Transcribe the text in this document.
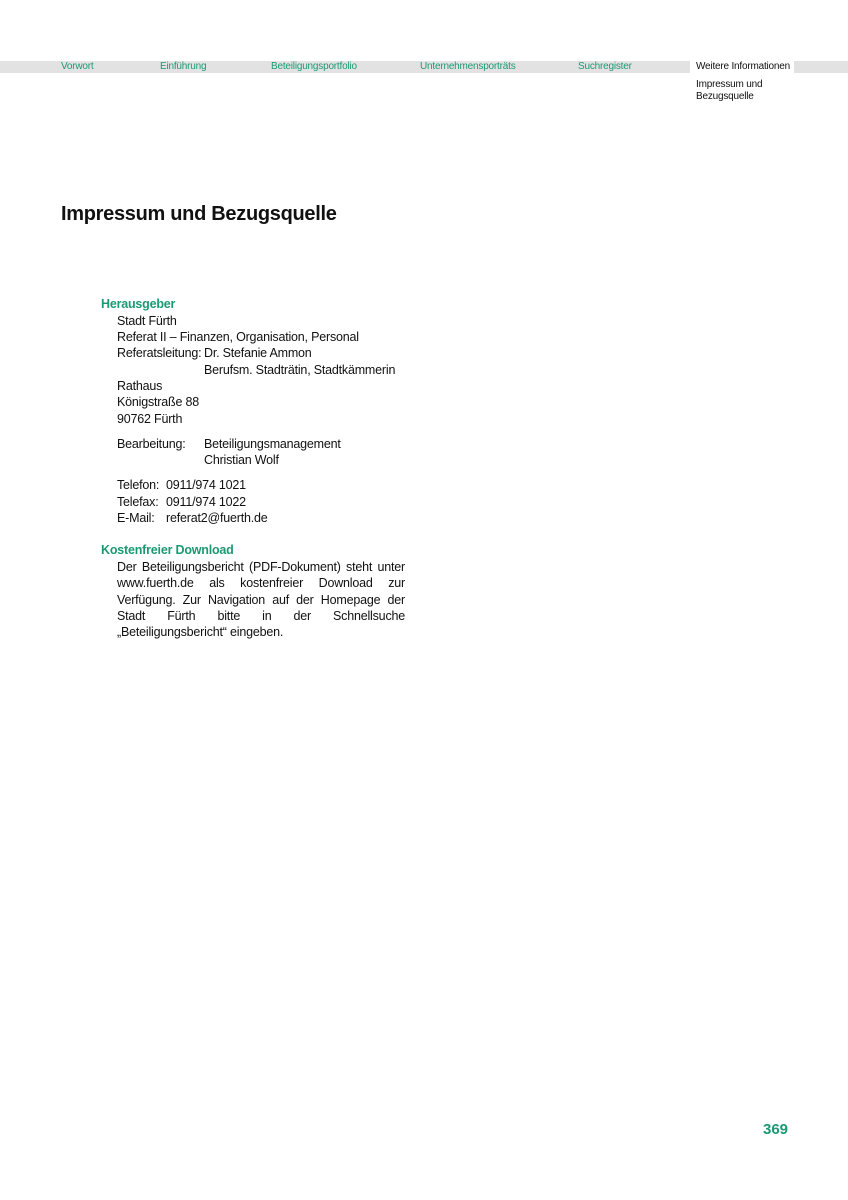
Vorwort	Einführung	Beteiligungsportfolio	Unternehmensporträts	Suchregister	Weitere Informationen
Impressum und
Bezugsquelle
Impressum und Bezugsquelle
Herausgeber
Stadt Fürth
Referat II – Finanzen, Organisation, Personal
Referatsleitung: Dr. Stefanie Ammon
Berufsm. Stadträtin, Stadtkämmerin
Rathaus
Königstraße 88
90762 Fürth
Bearbeitung: Beteiligungsmanagement
Christian Wolf
Telefon: 0911/974 1021
Telefax: 0911/974 1022
E-Mail: referat2@fuerth.de
Kostenfreier Download

Der Beteiligungsbericht (PDF-Dokument) steht unter www.fuerth.de als kostenfreier Download zur Verfügung. Zur Navigation auf der Homepage der Stadt Fürth bitte in der Schnellsuche „Beteiligungsbericht“ eingeben.

369
